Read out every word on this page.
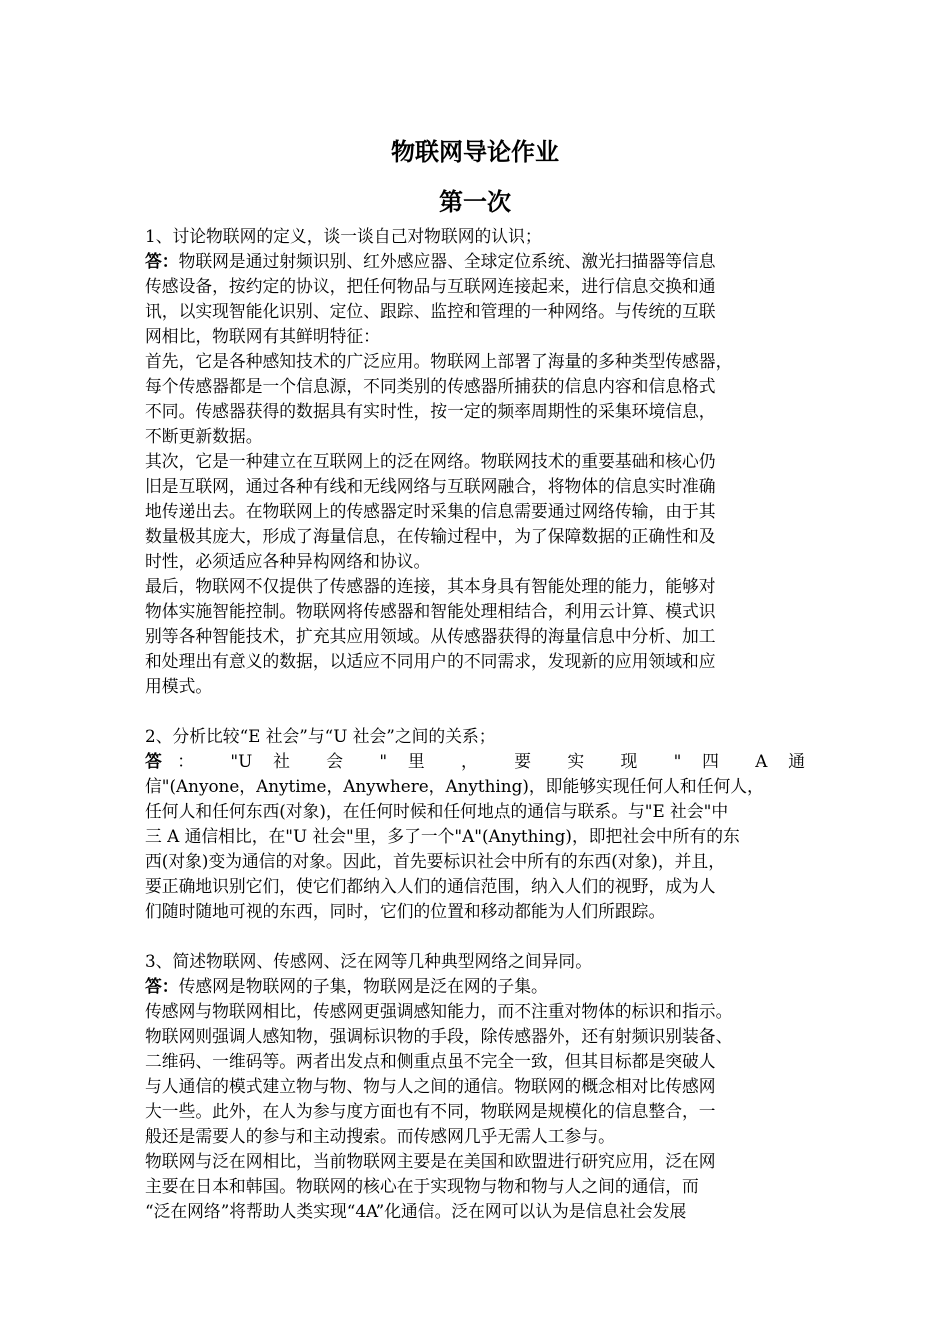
物联网导论作业
第一次
1、讨论物联网的定义，谈一谈自己对物联网的认识；
答：物联网是通过射频识别、红外感应器、全球定位系统、激光扫描器等信息
传感设备，按约定的协议，把任何物品与互联网连接起来，进行信息交换和通
讯，以实现智能化识别、定位、跟踪、监控和管理的一种网络。与传统的互联
网相比，物联网有其鲜明特征：
首先，它是各种感知技术的广泛应用。物联网上部署了海量的多种类型传感器，
每个传感器都是一个信息源，不同类别的传感器所捕获的信息内容和信息格式
不同。传感器获得的数据具有实时性，按一定的频率周期性的采集环境信息，
不断更新数据。
其次，它是一种建立在互联网上的泛在网络。物联网技术的重要基础和核心仍
旧是互联网，通过各种有线和无线网络与互联网融合，将物体的信息实时准确
地传递出去。在物联网上的传感器定时采集的信息需要通过网络传输，由于其
数量极其庞大，形成了海量信息，在传输过程中，为了保障数据的正确性和及
时性，必须适应各种异构网络和协议。
最后，物联网不仅提供了传感器的连接，其本身具有智能处理的能力，能够对
物体实施智能控制。物联网将传感器和智能处理相结合，利用云计算、模式识
别等各种智能技术，扩充其应用领域。从传感器获得的海量信息中分析、加工
和处理出有意义的数据，以适应不同用户的不同需求，发现新的应用领域和应
用模式。
2、分析比较“E 社会”与“U 社会”之间的关系；
答： "U 社 会 " 里 ， 要 实 现 " 四 A 通
信"(Anyone，Anytime，Anywhere，Anything)，即能够实现任何人和任何人，
任何人和任何东西(对象)，在任何时候和任何地点的通信与联系。与"E 社会"中
三 A 通信相比，在"U 社会"里，多了一个"A"(Anything)，即把社会中所有的东
西(对象)变为通信的对象。因此，首先要标识社会中所有的东西(对象)，并且，
要正确地识别它们，使它们都纳入人们的通信范围，纳入人们的视野，成为人
们随时随地可视的东西，同时，它们的位置和移动都能为人们所跟踪。
3、简述物联网、传感网、泛在网等几种典型网络之间异同。
答：传感网是物联网的子集，物联网是泛在网的子集。
传感网与物联网相比，传感网更强调感知能力，而不注重对物体的标识和指示。
物联网则强调人感知物，强调标识物的手段，除传感器外，还有射频识别装备、
二维码、一维码等。两者出发点和侧重点虽不完全一致，但其目标都是突破人
与人通信的模式建立物与物、物与人之间的通信。物联网的概念相对比传感网
大一些。此外，在人为参与度方面也有不同，物联网是规模化的信息整合，一
般还是需要人的参与和主动搜索。而传感网几乎无需人工参与。
物联网与泛在网相比，当前物联网主要是在美国和欧盟进行研究应用，泛在网
主要在日本和韩国。物联网的核心在于实现物与物和物与人之间的通信，而
“泛在网络”将帮助人类实现“4A”化通信。泛在网可以认为是信息社会发展
